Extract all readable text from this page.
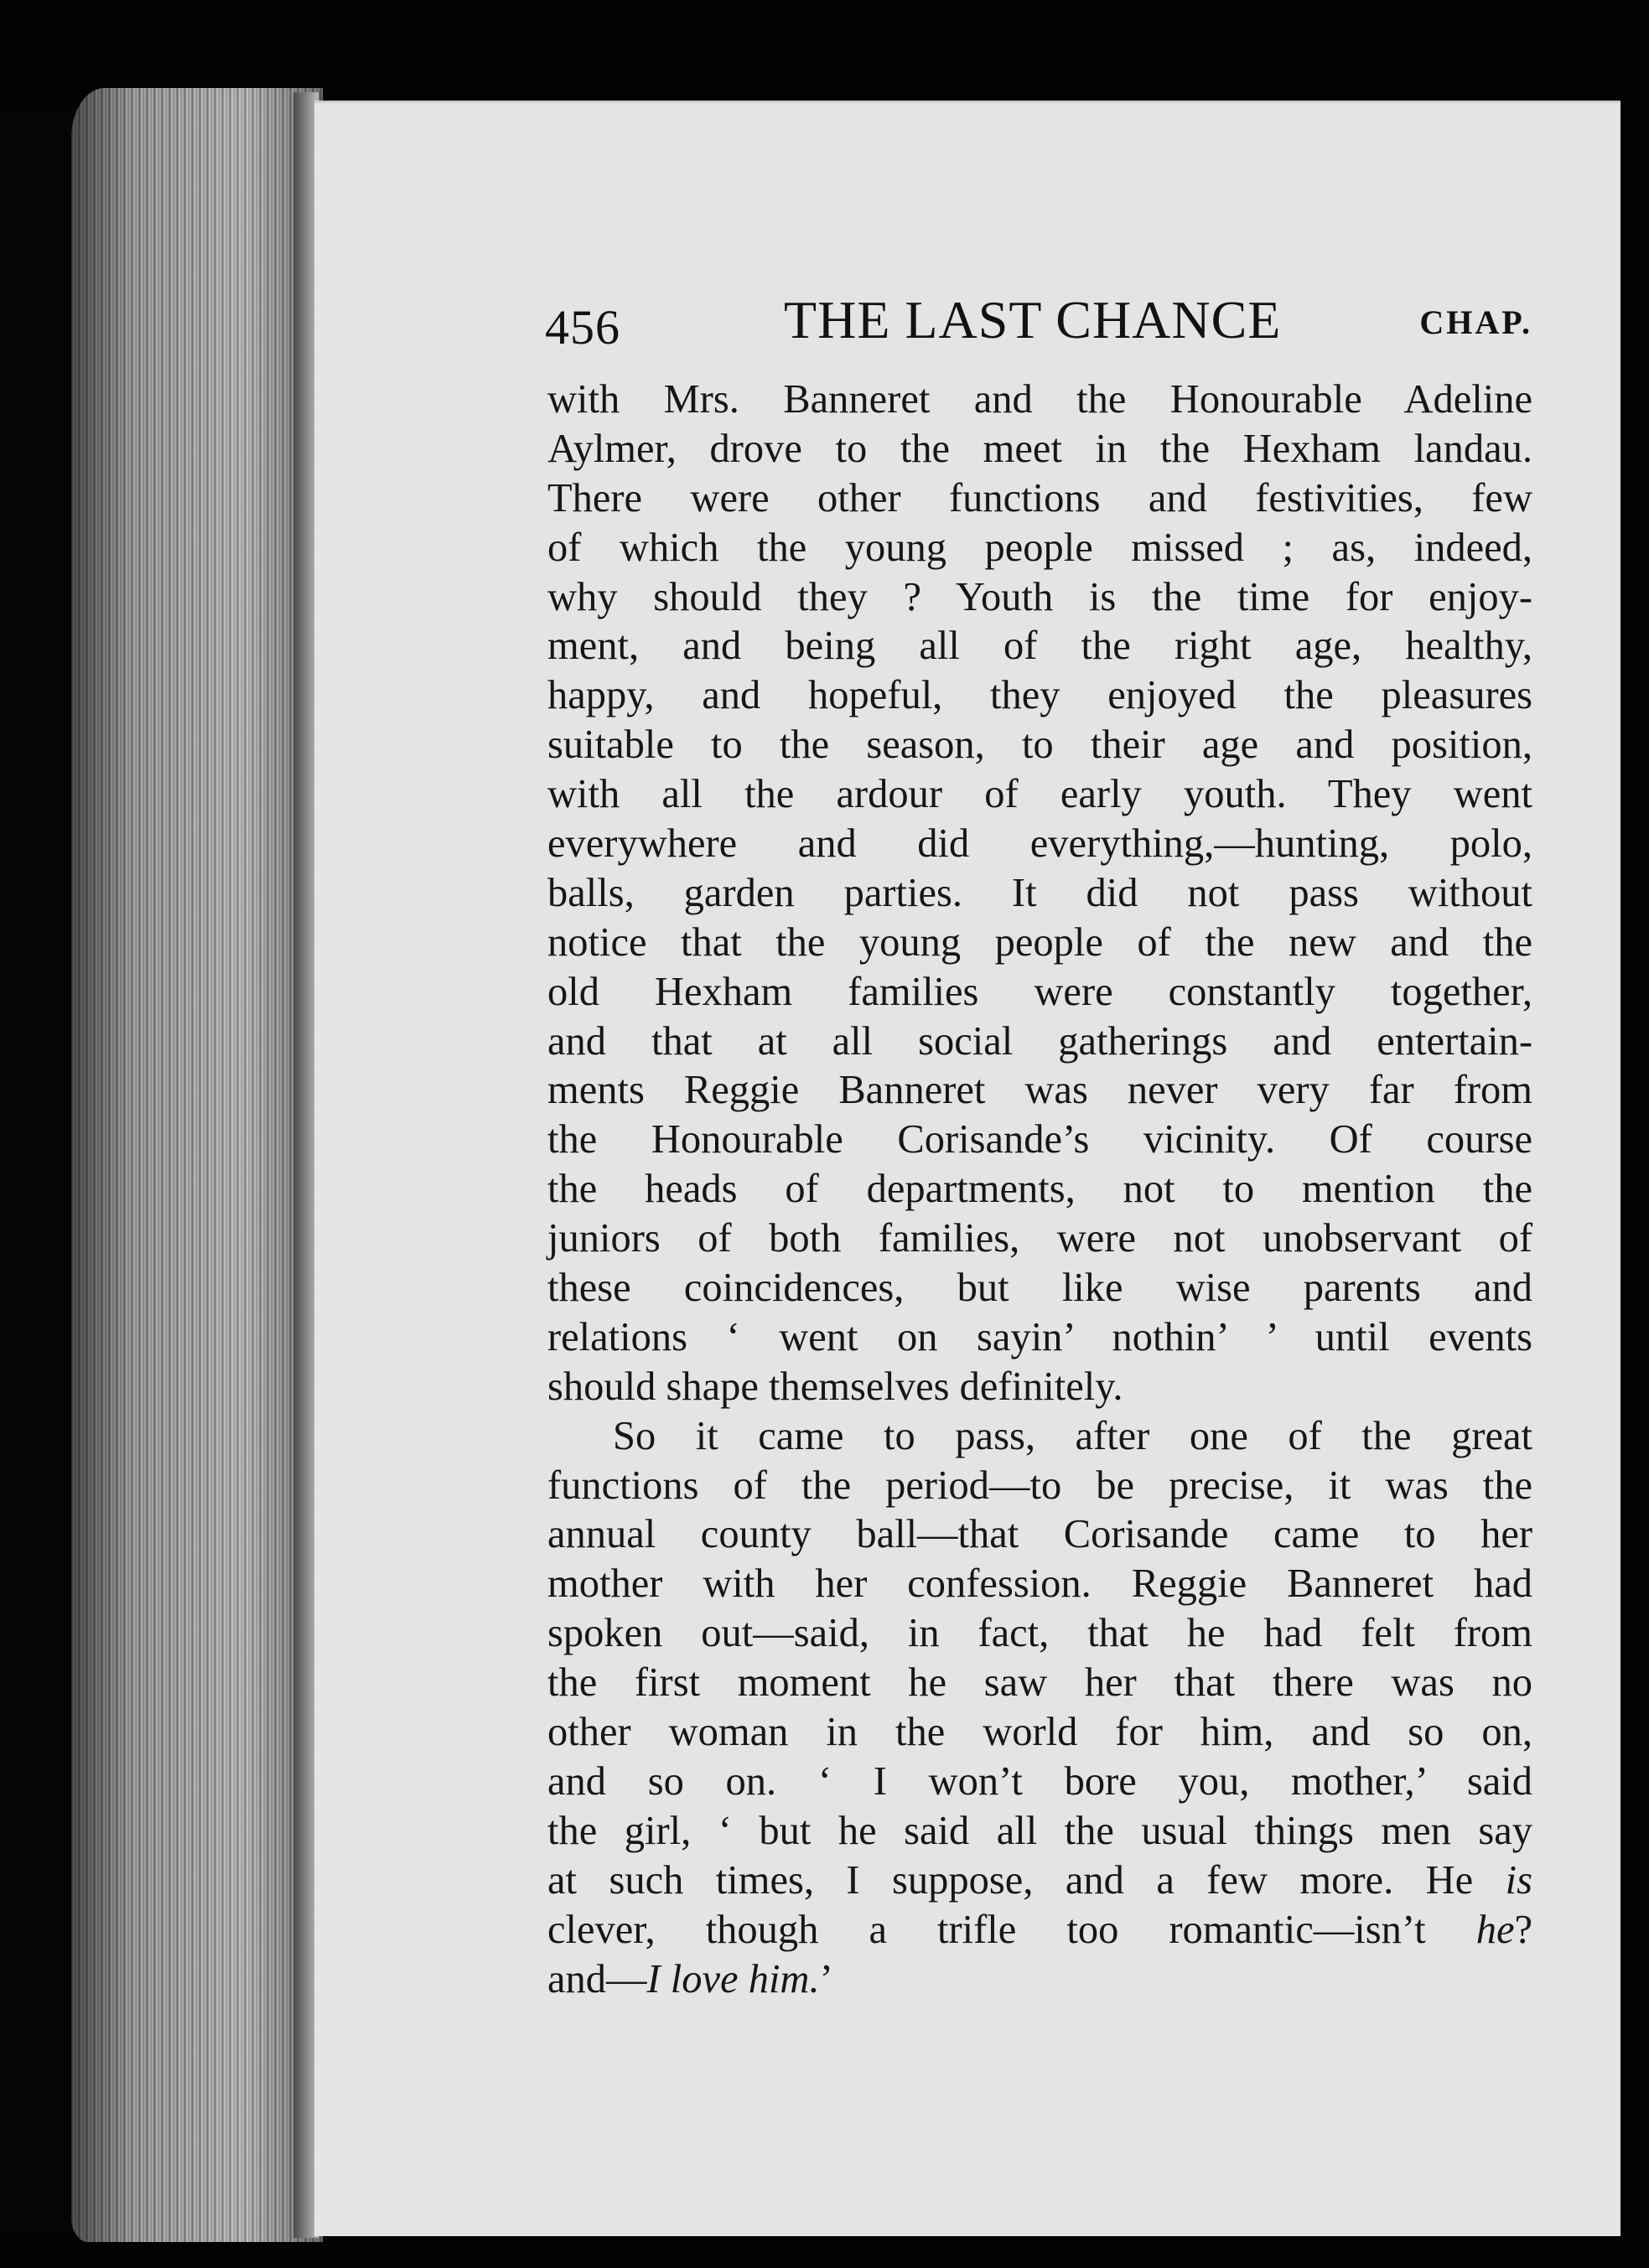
456	THE LAST CHANCE	CHAP.
with Mrs. Banneret and the Honourable Adeline
Aylmer, drove to the meet in the Hexham landau.
There were other functions and festivities, few
of which the young people missed ; as, indeed,
why should they ? Youth is the time for enjoy-
ment, and being all of the right age, healthy,
happy, and hopeful, they enjoyed the pleasures
suitable to the season, to their age and position,
with all the ardour of early youth. They went
everywhere and did everything,—hunting, polo,
balls, garden parties. It did not pass without
notice that the young people of the new and the
old Hexham families were constantly together,
and that at all social gatherings and entertain-
ments Reggie Banneret was never very far from
the Honourable Corisande’s vicinity. Of course
the heads of departments, not to mention the
juniors of both families, were not unobservant of
these coincidences, but like wise parents and
relations ‘ went on sayin’ nothin’ ’ until events
should shape themselves definitely.
So it came to pass, after one of the great
functions of the period—to be precise, it was the
annual county ball—that Corisande came to her
mother with her confession. Reggie Banneret had
spoken out—said, in fact, that he had felt from
the first moment he saw her that there was no
other woman in the world for him, and so on,
and so on. ‘ I won’t bore you, mother,’ said
the girl, ‘ but he said all the usual things men say
at such times, I suppose, and a few more. He is
clever, though a trifle too romantic—isn’t he?
and—I love him.’
